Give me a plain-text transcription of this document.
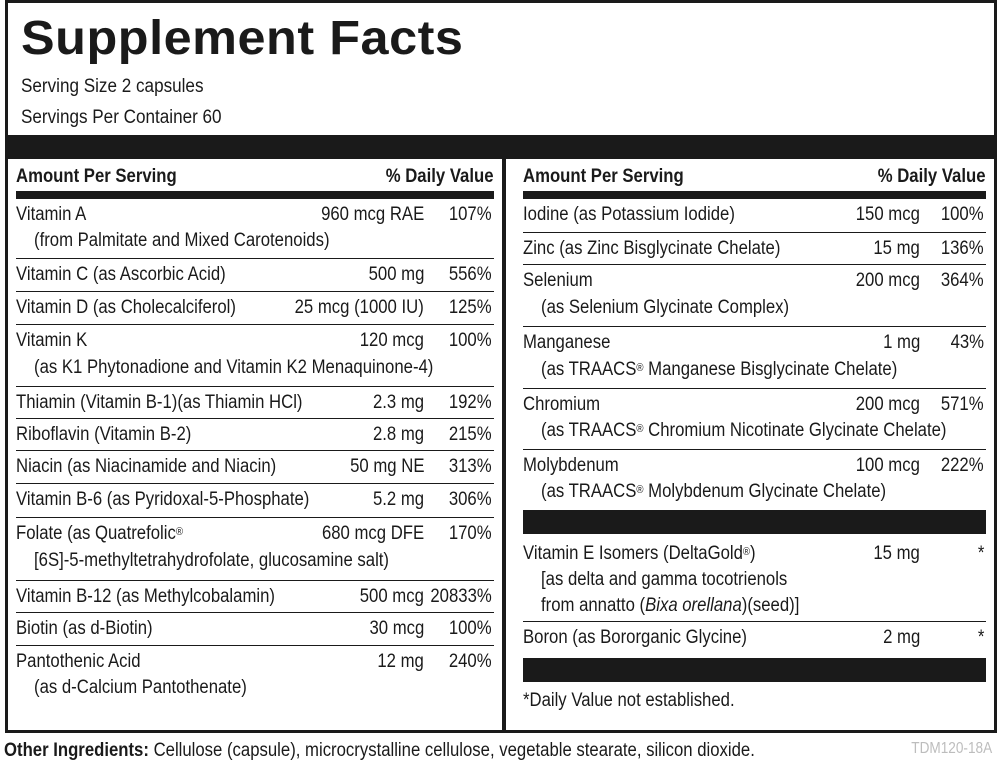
Supplement Facts
Serving Size 2 capsules
Servings Per Container 60
Amount Per Serving	% Daily Value
Vitamin A	960 mcg RAE 107%
(from Palmitate and Mixed Carotenoids)
Vitamin C (as Ascorbic Acid)	500 mg 556%
Vitamin D (as Cholecalciferol)	25 mcg (1000 IU) 125%
Vitamin K	120 mcg 100%
(as K1 Phytonadione and Vitamin K2 Menaquinone-4)
Thiamin (Vitamin B-1)(as Thiamin HCl)	2.3 mg 192%
Riboflavin (Vitamin B-2)	2.8 mg 215%
Niacin (as Niacinamide and Niacin)	50 mg NE 313%
Vitamin B-6 (as Pyridoxal-5-Phosphate)	5.2 mg 306%
Folate (as Quatrefolic®	680 mcg DFE 170%
[6S]-5-methyltetrahydrofolate, glucosamine salt)
Vitamin B-12 (as Methylcobalamin)	500 mcg 20833%
Biotin (as d-Biotin)	30 mcg 100%
Pantothenic Acid	12 mg 240%
(as d-Calcium Pantothenate)
Amount Per Serving	% Daily Value
Iodine (as Potassium Iodide)	150 mcg 100%
Zinc (as Zinc Bisglycinate Chelate)	15 mg 136%
Selenium	200 mcg 364%
(as Selenium Glycinate Complex)
Manganese	1 mg 43%
(as TRAACS® Manganese Bisglycinate Chelate)
Chromium	200 mcg 571%
(as TRAACS® Chromium Nicotinate Glycinate Chelate)
Molybdenum	100 mcg 222%
(as TRAACS® Molybdenum Glycinate Chelate)
Vitamin E Isomers (DeltaGold®)	15 mg	*
[as delta and gamma tocotrienols
from annatto (Bixa orellana)(seed)]
Boron (as Bororganic Glycine)	2 mg	*
*Daily Value not established.
Other Ingredients: Cellulose (capsule), microcrystalline cellulose, vegetable stearate, silicon dioxide.	TDM120-18A
